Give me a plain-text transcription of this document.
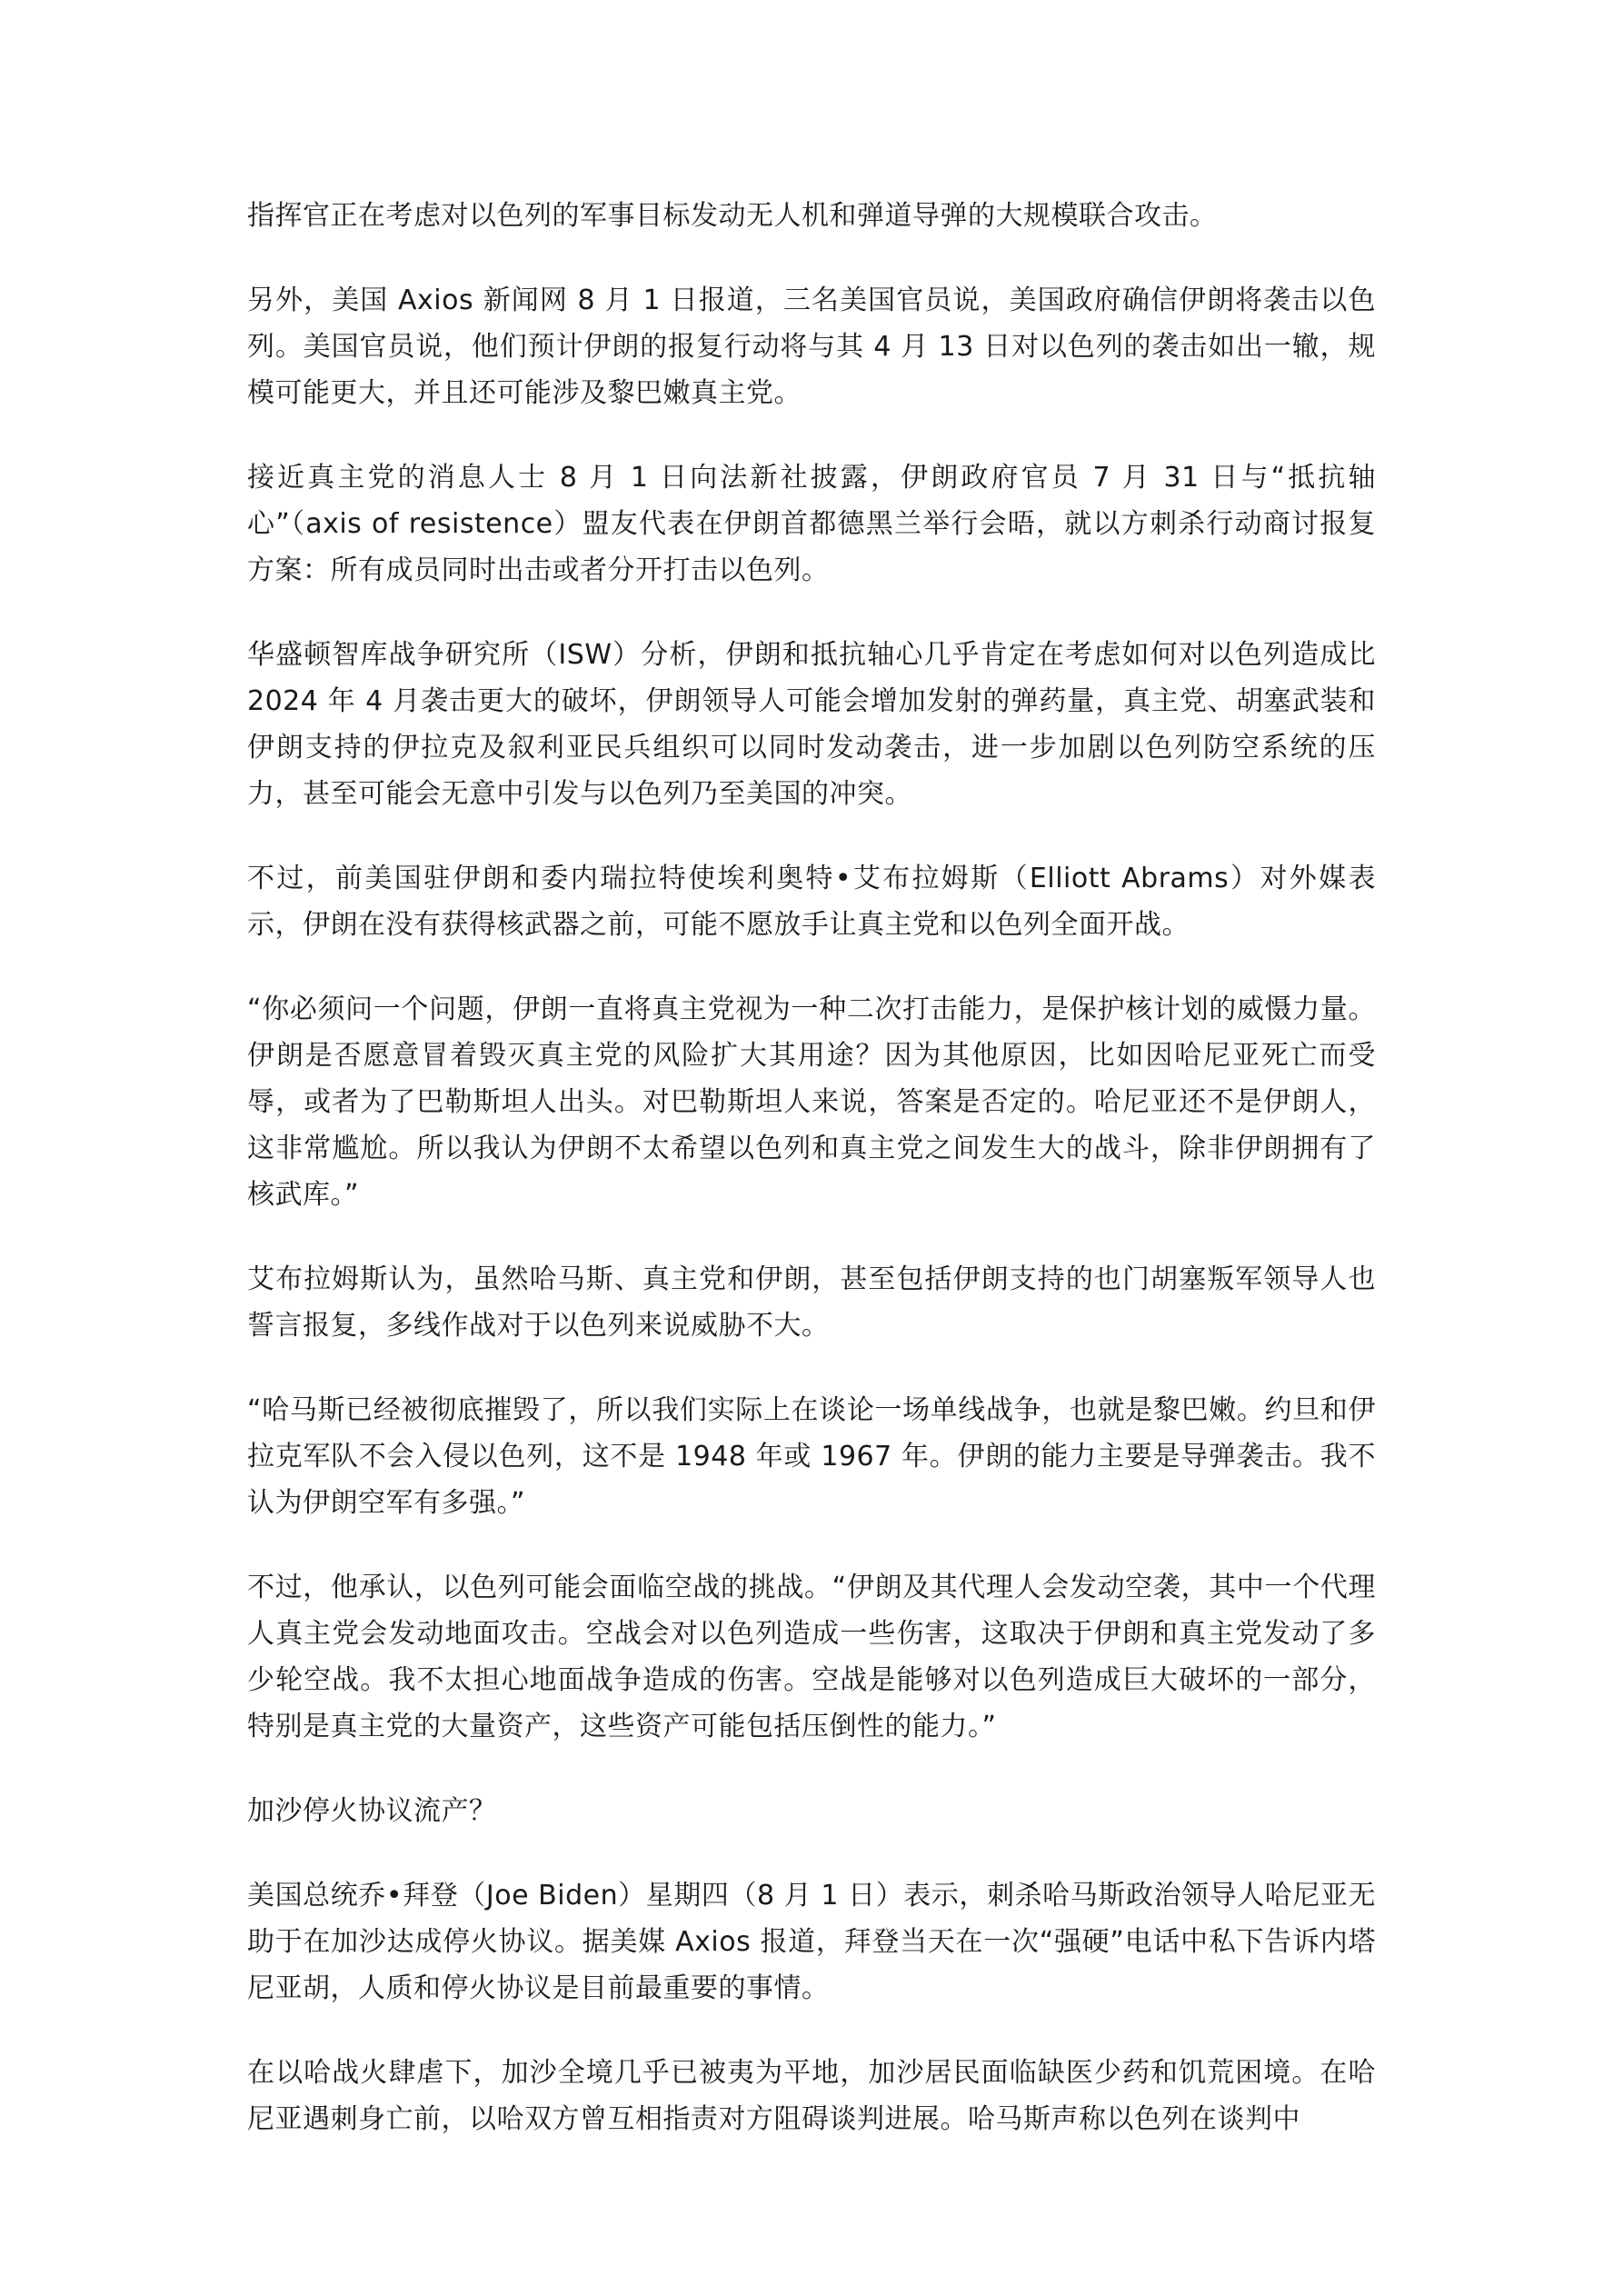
指挥官正在考虑对以色列的军事目标发动无人机和弹道导弹的大规模联合攻击。

另外，美国 Axios 新闻网 8 月 1 日报道，三名美国官员说，美国政府确信伊朗将袭击以色列。美国官员说，他们预计伊朗的报复行动将与其 4 月 13 日对以色列的袭击如出一辙，规模可能更大，并且还可能涉及黎巴嫩真主党。

接近真主党的消息人士 8 月 1 日向法新社披露，伊朗政府官员 7 月 31 日与“抵抗轴心”（axis of resistence）盟友代表在伊朗首都德黑兰举行会晤，就以方刺杀行动商讨报复方案：所有成员同时出击或者分开打击以色列。

华盛顿智库战争研究所（ISW）分析，伊朗和抵抗轴心几乎肯定在考虑如何对以色列造成比 2024 年 4 月袭击更大的破坏，伊朗领导人可能会增加发射的弹药量，真主党、胡塞武装和伊朗支持的伊拉克及叙利亚民兵组织可以同时发动袭击，进一步加剧以色列防空系统的压力，甚至可能会无意中引发与以色列乃至美国的冲突。

不过，前美国驻伊朗和委内瑞拉特使埃利奥特•艾布拉姆斯（Elliott Abrams）对外媒表示，伊朗在没有获得核武器之前，可能不愿放手让真主党和以色列全面开战。

“你必须问一个问题，伊朗一直将真主党视为一种二次打击能力，是保护核计划的威慑力量。伊朗是否愿意冒着毁灭真主党的风险扩大其用途？因为其他原因，比如因哈尼亚死亡而受辱，或者为了巴勒斯坦人出头。对巴勒斯坦人来说，答案是否定的。哈尼亚还不是伊朗人，这非常尴尬。所以我认为伊朗不太希望以色列和真主党之间发生大的战斗，除非伊朗拥有了核武库。”

艾布拉姆斯认为，虽然哈马斯、真主党和伊朗，甚至包括伊朗支持的也门胡塞叛军领导人也誓言报复，多线作战对于以色列来说威胁不大。

“哈马斯已经被彻底摧毁了，所以我们实际上在谈论一场单线战争，也就是黎巴嫩。约旦和伊拉克军队不会入侵以色列，这不是 1948 年或 1967 年。伊朗的能力主要是导弹袭击。我不认为伊朗空军有多强。”

不过，他承认，以色列可能会面临空战的挑战。“伊朗及其代理人会发动空袭，其中一个代理人真主党会发动地面攻击。空战会对以色列造成一些伤害，这取决于伊朗和真主党发动了多少轮空战。我不太担心地面战争造成的伤害。空战是能够对以色列造成巨大破坏的一部分，特别是真主党的大量资产，这些资产可能包括压倒性的能力。”

加沙停火协议流产？

美国总统乔•拜登（Joe Biden）星期四（8 月 1 日）表示，刺杀哈马斯政治领导人哈尼亚无助于在加沙达成停火协议。据美媒 Axios 报道，拜登当天在一次“强硬”电话中私下告诉内塔尼亚胡，人质和停火协议是目前最重要的事情。

在以哈战火肆虐下，加沙全境几乎已被夷为平地，加沙居民面临缺医少药和饥荒困境。在哈尼亚遇刺身亡前，以哈双方曾互相指责对方阻碍谈判进展。哈马斯声称以色列在谈判中
